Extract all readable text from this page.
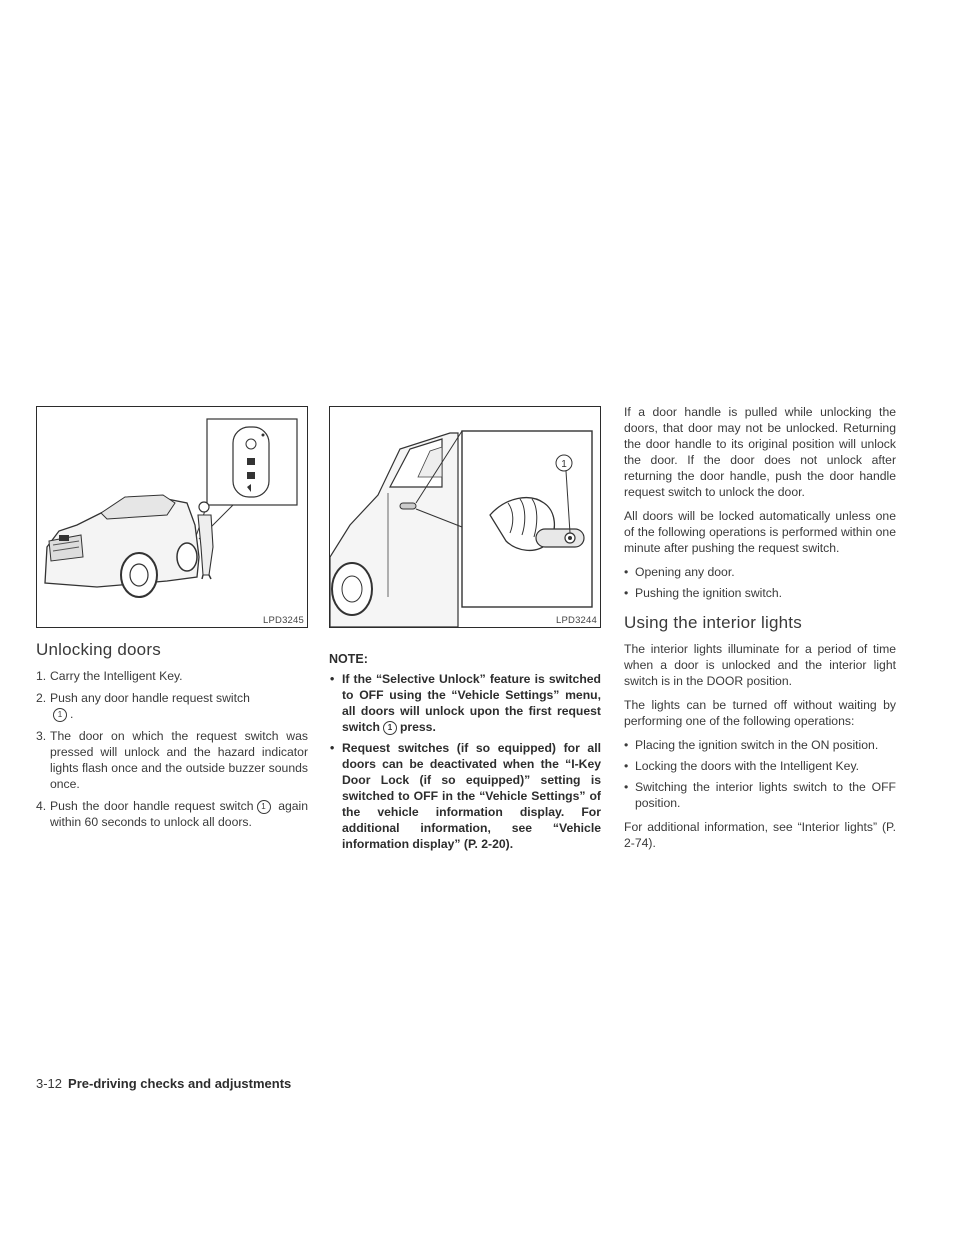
LPD3245
Unlocking doors
1. Carry the Intelligent Key.
2. Push any door handle request switch
1 .
3. The door on which the request switch was pressed will unlock and the hazard indicator lights flash once and the outside buzzer sounds once.
4. Push the door handle request switch 1 again within 60 seconds to unlock all doors.
1
LPD3244
NOTE:
• If the “Selective Unlock” feature is switched to OFF using the “Vehicle Settings” menu, all doors will unlock upon the first request switch 1 press.
• Request switches (if so equipped) for all doors can be deactivated when the “I-Key Door Lock (if so equipped)” setting is switched to OFF in the “Vehicle Settings” of the vehicle information display. For additional information, see “Vehicle information display” (P. 2-20).

If a door handle is pulled while unlocking the doors, that door may not be unlocked. Returning the door handle to its original position will unlock the door. If the door does not unlock after returning the door handle, push the door handle request switch to unlock the door.

All doors will be locked automatically unless one of the following operations is performed within one minute after pushing the request switch.

• Opening any door.
• Pushing the ignition switch.
Using the interior lights

The interior lights illuminate for a period of time when a door is unlocked and the interior light switch is in the DOOR position.

The lights can be turned off without waiting by performing one of the following operations:

• Placing the ignition switch in the ON position.
• Locking the doors with the Intelligent Key.
• Switching the interior lights switch to the OFF position.

For additional information, see “Interior lights” (P. 2-74).

3-12 Pre-driving checks and adjustments
